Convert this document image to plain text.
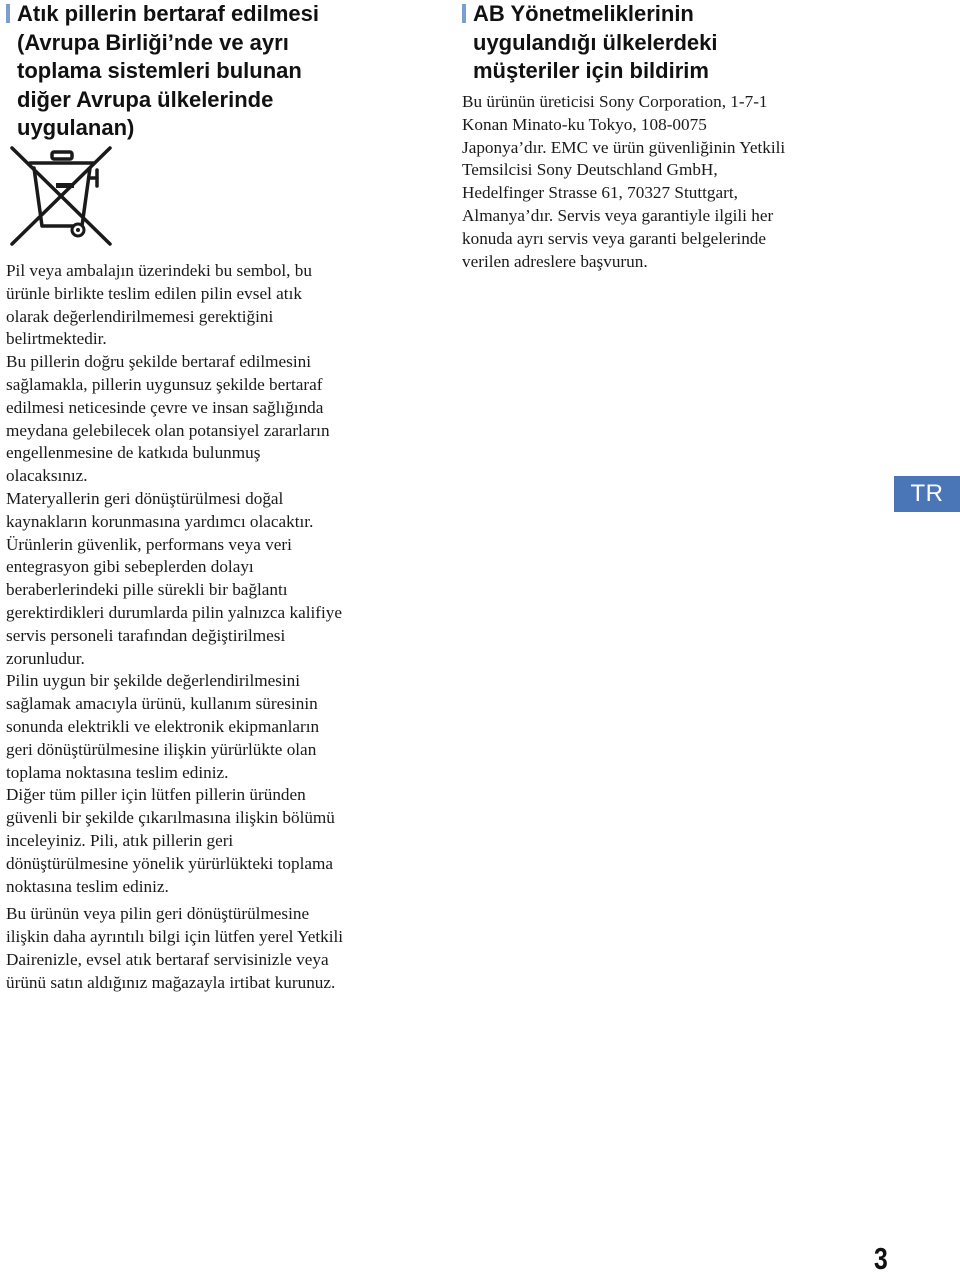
Atık pillerin bertaraf edilmesi
(Avrupa Birliği’nde ve ayrı
toplama sistemleri bulunan
diğer Avrupa ülkelerinde
uygulanan)

Pil veya ambalajın üzerindeki bu sembol, bu
ürünle birlikte teslim edilen pilin evsel atık
olarak değerlendirilmemesi gerektiğini
belirtmektedir.

Bu pillerin doğru şekilde bertaraf edilmesini
sağlamakla, pillerin uygunsuz şekilde bertaraf
edilmesi neticesinde çevre ve insan sağlığında
meydana gelebilecek olan potansiyel zararların
engellenmesine de katkıda bulunmuş
olacaksınız.

Materyallerin geri dönüştürülmesi doğal
kaynakların korunmasına yardımcı olacaktır.

Ürünlerin güvenlik, performans veya veri
entegrasyon gibi sebeplerden dolayı
beraberlerindeki pille sürekli bir bağlantı
gerektirdikleri durumlarda pilin yalnızca kalifiye
servis personeli tarafından değiştirilmesi
zorunludur.

Pilin uygun bir şekilde değerlendirilmesini
sağlamak amacıyla ürünü, kullanım süresinin
sonunda elektrikli ve elektronik ekipmanların
geri dönüştürülmesine ilişkin yürürlükte olan
toplama noktasına teslim ediniz.

Diğer tüm piller için lütfen pillerin üründen
güvenli bir şekilde çıkarılmasına ilişkin bölümü
inceleyiniz. Pili, atık pillerin geri
dönüştürülmesine yönelik yürürlükteki toplama
noktasına teslim ediniz.

Bu ürünün veya pilin geri dönüştürülmesine
ilişkin daha ayrıntılı bilgi için lütfen yerel Yetkili
Dairenizle, evsel atık bertaraf servisinizle veya
ürünü satın aldığınız mağazayla irtibat kurunuz.

AB Yönetmeliklerinin
uygulandığı ülkelerdeki
müşteriler için bildirim

Bu ürünün üreticisi Sony Corporation, 1-7-1
Konan Minato-ku Tokyo, 108-0075
Japonya’dır. EMC ve ürün güvenliğinin Yetkili
Temsilcisi Sony Deutschland GmbH,
Hedelfinger Strasse 61, 70327 Stuttgart,
Almanya’dır. Servis veya garantiyle ilgili her
konuda ayrı servis veya garanti belgelerinde
verilen adreslere başvurun.

TR
3
